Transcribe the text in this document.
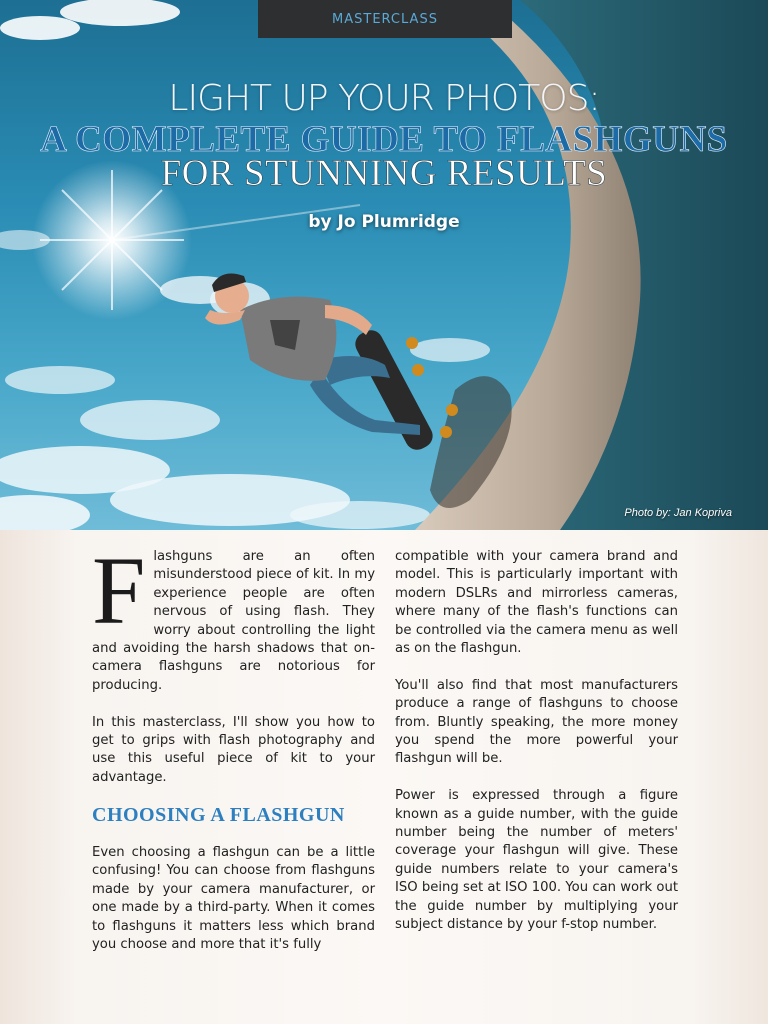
MASTERCLASS
LIGHT UP YOUR PHOTOS:
A COMPLETE GUIDE TO FLASHGUNS
FOR STUNNING RESULTS
by Jo Plumridge
Photo by: Jan Kopriva

Flashguns are an often misunderstood piece of kit. In my experience people are often nervous of using flash. They worry about controlling the light and avoiding the harsh shadows that on-camera flashguns are notorious for producing.

In this masterclass, I'll show you how to get to grips with flash photography and use this useful piece of kit to your advantage.

CHOOSING A FLASHGUN

Even choosing a flashgun can be a little confusing! You can choose from flashguns made by your camera manufacturer, or one made by a third-party. When it comes to flashguns it matters less which brand you choose and more that it's fully

compatible with your camera brand and model. This is particularly important with modern DSLRs and mirrorless cameras, where many of the flash's functions can be controlled via the camera menu as well as on the flashgun.

You'll also find that most manufacturers produce a range of flashguns to choose from. Bluntly speaking, the more money you spend the more powerful your flashgun will be.

Power is expressed through a figure known as a guide number, with the guide number being the number of meters' coverage your flashgun will give. These guide numbers relate to your camera's ISO being set at ISO 100. You can work out the guide number by multiplying your subject distance by your f-stop number.
